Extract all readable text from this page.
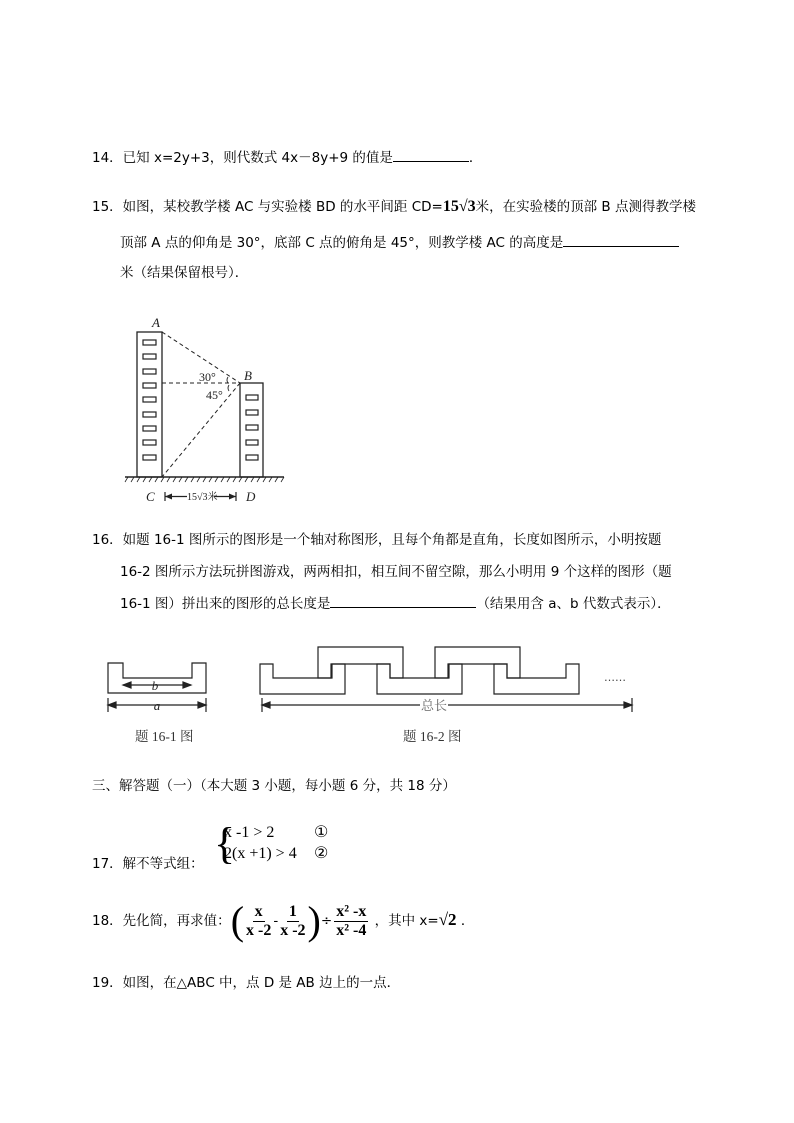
14．已知 x=2y+3，则代数式 4x－8y+9 的值是	．
15．如图，某校教学楼 AC 与实验楼 BD 的水平间距 CD=15√3米，在实验楼的顶部 B 点测得教学楼
顶部 A 点的仰角是 30°，底部 C 点的俯角是 45°，则教学楼 AC 的高度是
米（结果保留根号）．
A
B
C	D
30°
45°
15√3米
b
a	总长
……
题 16-1 图	题 16-2 图
16．如题 16-1 图所示的图形是一个轴对称图形，且每个角都是直角，长度如图所示，小明按题
16-2 图所示方法玩拼图游戏，两两相扣，相互间不留空隙，那么小明用 9 个这样的图形（题
16-1 图）拼出来的图形的总长度是	（结果用含 a、b 代数式表示）．
三、解答题（一）（本大题 3 小题，每小题 6 分，共 18 分）
17．解不等式组： {
x -1 > 2
2(x +1) > 4
①
②
18．先化简，再求值：( $\frac{x}{x -2} - \frac{1}{x -2}$ )÷ $\frac{\text{x² -x}}{\text{x² -4}}$ ，其中 x=√2 ．
19．如图，在△ABC 中，点 D 是 AB 边上的一点．
